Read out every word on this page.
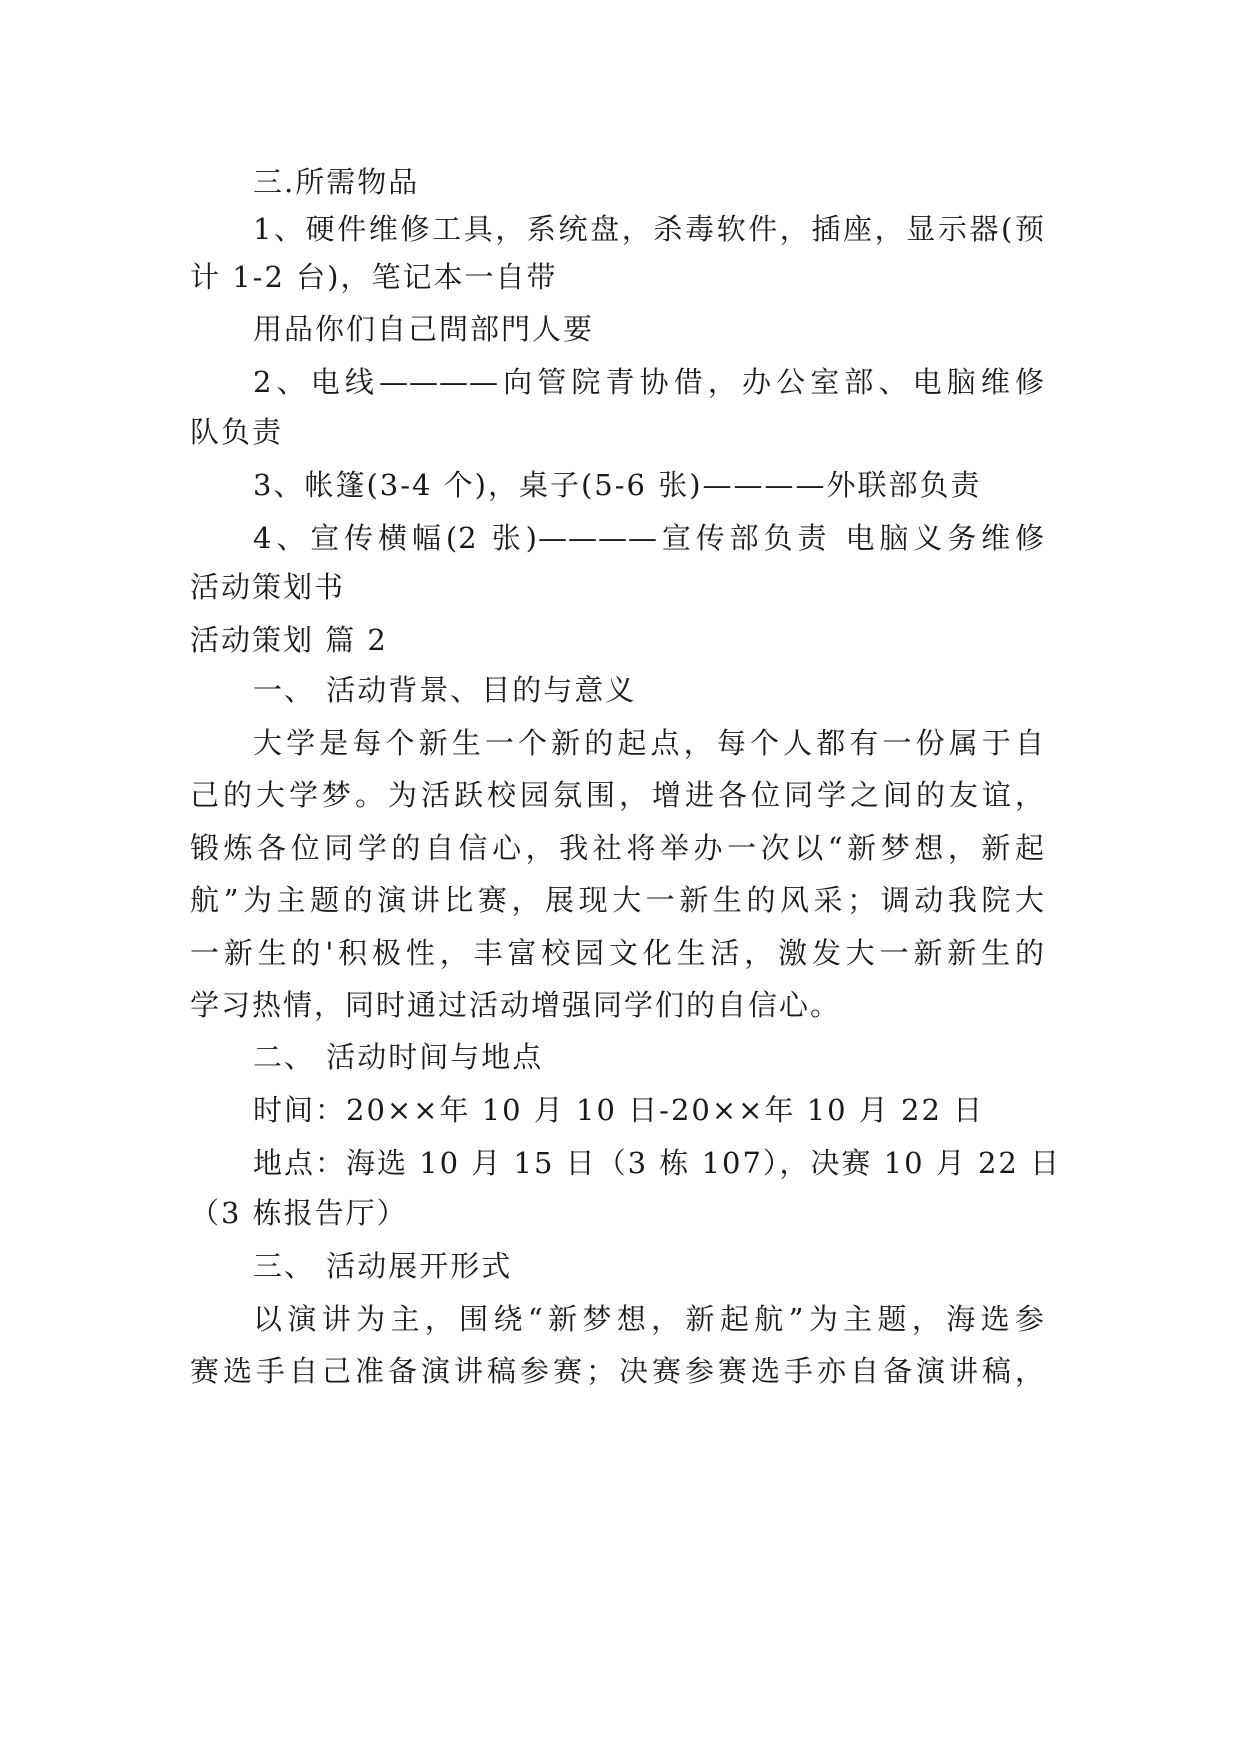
三.所需物品
1、硬件维修工具，系统盘，杀毒软件，插座，显示器(预
计 1-2 台)，笔记本一自带
用品你们自己問部門人要
2、电线————向管院青协借，办公室部、电脑维修
队负责
3、帐篷(3-4 个)，桌子(5-6 张)————外联部负责
4、宣传横幅(2 张)————宣传部负责 电脑义务维修
活动策划书
活动策划 篇 2
一、 活动背景、目的与意义
大学是每个新生一个新的起点，每个人都有一份属于自
己的大学梦。为活跃校园氛围，增进各位同学之间的友谊，
锻炼各位同学的自信心，我社将举办一次以“新梦想，新起
航”为主题的演讲比赛，展现大一新生的风采；调动我院大
一新生的'积极性，丰富校园文化生活，激发大一新新生的
学习热情，同时通过活动增强同学们的自信心。
二、 活动时间与地点
时间：20××年 10 月 10 日-20××年 10 月 22 日
地点：海选 10 月 15 日（3 栋 107），决赛 10 月 22 日
（3 栋报告厅）
三、 活动展开形式
以演讲为主，围绕“新梦想，新起航”为主题，海选参
赛选手自己准备演讲稿参赛；决赛参赛选手亦自备演讲稿，
